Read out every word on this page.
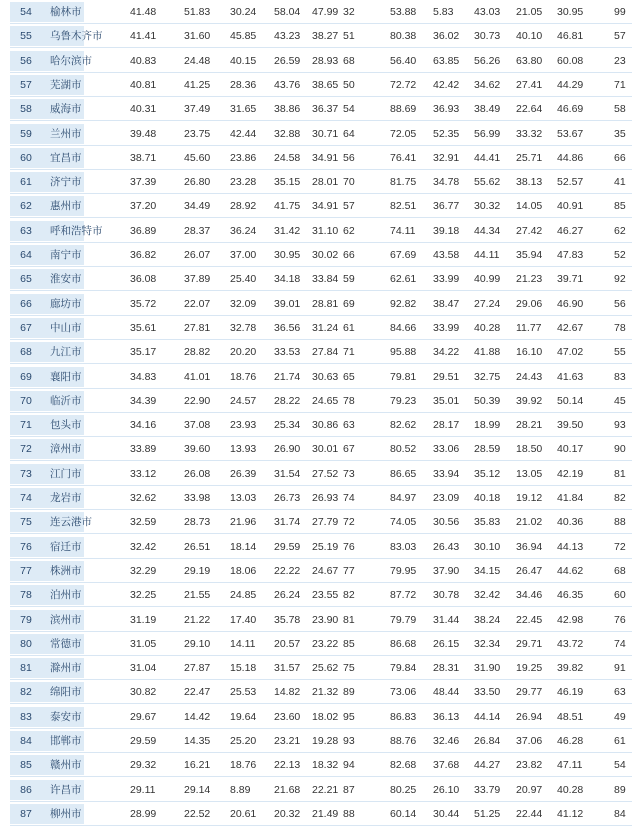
54	榆林市	41.48	51.83	30.24	58.04	47.99 32	53.88	5.83	43.03	21.05	30.95	99
55	乌鲁木齐市	41.41	31.60	45.85	43.23	38.27 51	80.38	36.02	30.73	40.10	46.81	57
56	哈尔滨市	40.83	24.48	40.15	26.59	28.93 68	56.40	63.85	56.26	63.80	60.08	23
57	芜湖市	40.81	41.25	28.36	43.76	38.65 50	72.72	42.42	34.62	27.41	44.29	71
58	威海市	40.31	37.49	31.65	38.86	36.37 54	88.69	36.93	38.49	22.64	46.69	58
59	兰州市	39.48	23.75	42.44	32.88	30.71 64	72.05	52.35	56.99	33.32	53.67	35
60	宜昌市	38.71	45.60	23.86	24.58	34.91 56	76.41	32.91	44.41	25.71	44.86	66
61	济宁市	37.39	26.80	23.28	35.15	28.01 70	81.75	34.78	55.62	38.13	52.57	41
62	惠州市	37.20	34.49	28.92	41.75	34.91 57	82.51	36.77	30.32	14.05	40.91	85
63	呼和浩特市	36.89	28.37	36.24	31.42	31.10 62	74.11	39.18	44.34	27.42	46.27	62
64	南宁市	36.82	26.07	37.00	30.95	30.02 66	67.69	43.58	44.11	35.94	47.83	52
65	淮安市	36.08	37.89	25.40	34.18	33.84 59	62.61	33.99	40.99	21.23	39.71	92
66	廊坊市	35.72	22.07	32.09	39.01	28.81 69	92.82	38.47	27.24	29.06	46.90	56
67	中山市	35.61	27.81	32.78	36.56	31.24 61	84.66	33.99	40.28	11.77	42.67	78
68	九江市	35.17	28.82	20.20	33.53	27.84 71	95.88	34.22	41.88	16.10	47.02	55
69	襄阳市	34.83	41.01	18.76	21.74	30.63 65	79.81	29.51	32.75	24.43	41.63	83
70	临沂市	34.39	22.90	24.57	28.22	24.65 78	79.23	35.01	50.39	39.92	50.14	45
71	包头市	34.16	37.08	23.93	25.34	30.86 63	82.62	28.17	18.99	28.21	39.50	93
72	漳州市	33.89	39.60	13.93	26.90	30.01 67	80.52	33.06	28.59	18.50	40.17	90
73	江门市	33.12	26.08	26.39	31.54	27.52 73	86.65	33.94	35.12	13.05	42.19	81
74	龙岩市	32.62	33.98	13.03	26.73	26.93 74	84.97	23.09	40.18	19.12	41.84	82
75	连云港市	32.59	28.73	21.96	31.74	27.79 72	74.05	30.56	35.83	21.02	40.36	88
76	宿迁市	32.42	26.51	18.14	29.59	25.19 76	83.03	26.43	30.10	36.94	44.13	72
77	株洲市	32.29	29.19	18.06	22.22	24.67 77	79.95	37.90	34.15	26.47	44.62	68
78	泊州市	32.25	21.55	24.85	26.24	23.55 82	87.72	30.78	32.42	34.46	46.35	60
79	滨州市	31.19	21.22	17.40	35.78	23.90 81	79.79	31.44	38.24	22.45	42.98	76
80	常德市	31.05	29.10	14.11	20.57	23.22 85	86.68	26.15	32.34	29.71	43.72	74
81	滁州市	31.04	27.87	15.18	31.57	25.62 75	79.84	28.31	31.90	19.25	39.82	91
82	绵阳市	30.82	22.47	25.53	14.82	21.32 89	73.06	48.44	33.50	29.77	46.19	63
83	泰安市	29.67	14.42	19.64	23.60	18.02 95	86.83	36.13	44.14	26.94	48.51	49
84	邯郸市	29.59	14.35	25.20	23.21	19.28 93	88.76	32.46	26.84	37.06	46.28	61
85	赣州市	29.32	16.21	18.76	22.13	18.32 94	82.68	37.68	44.27	23.82	47.11	54
86	许昌市	29.11	29.14	8.89	21.68	22.21 87	80.25	26.10	33.79	20.97	40.28	89
87	柳州市	28.99	22.52	20.61	20.32	21.49 88	60.14	30.44	51.25	22.44	41.12	84
